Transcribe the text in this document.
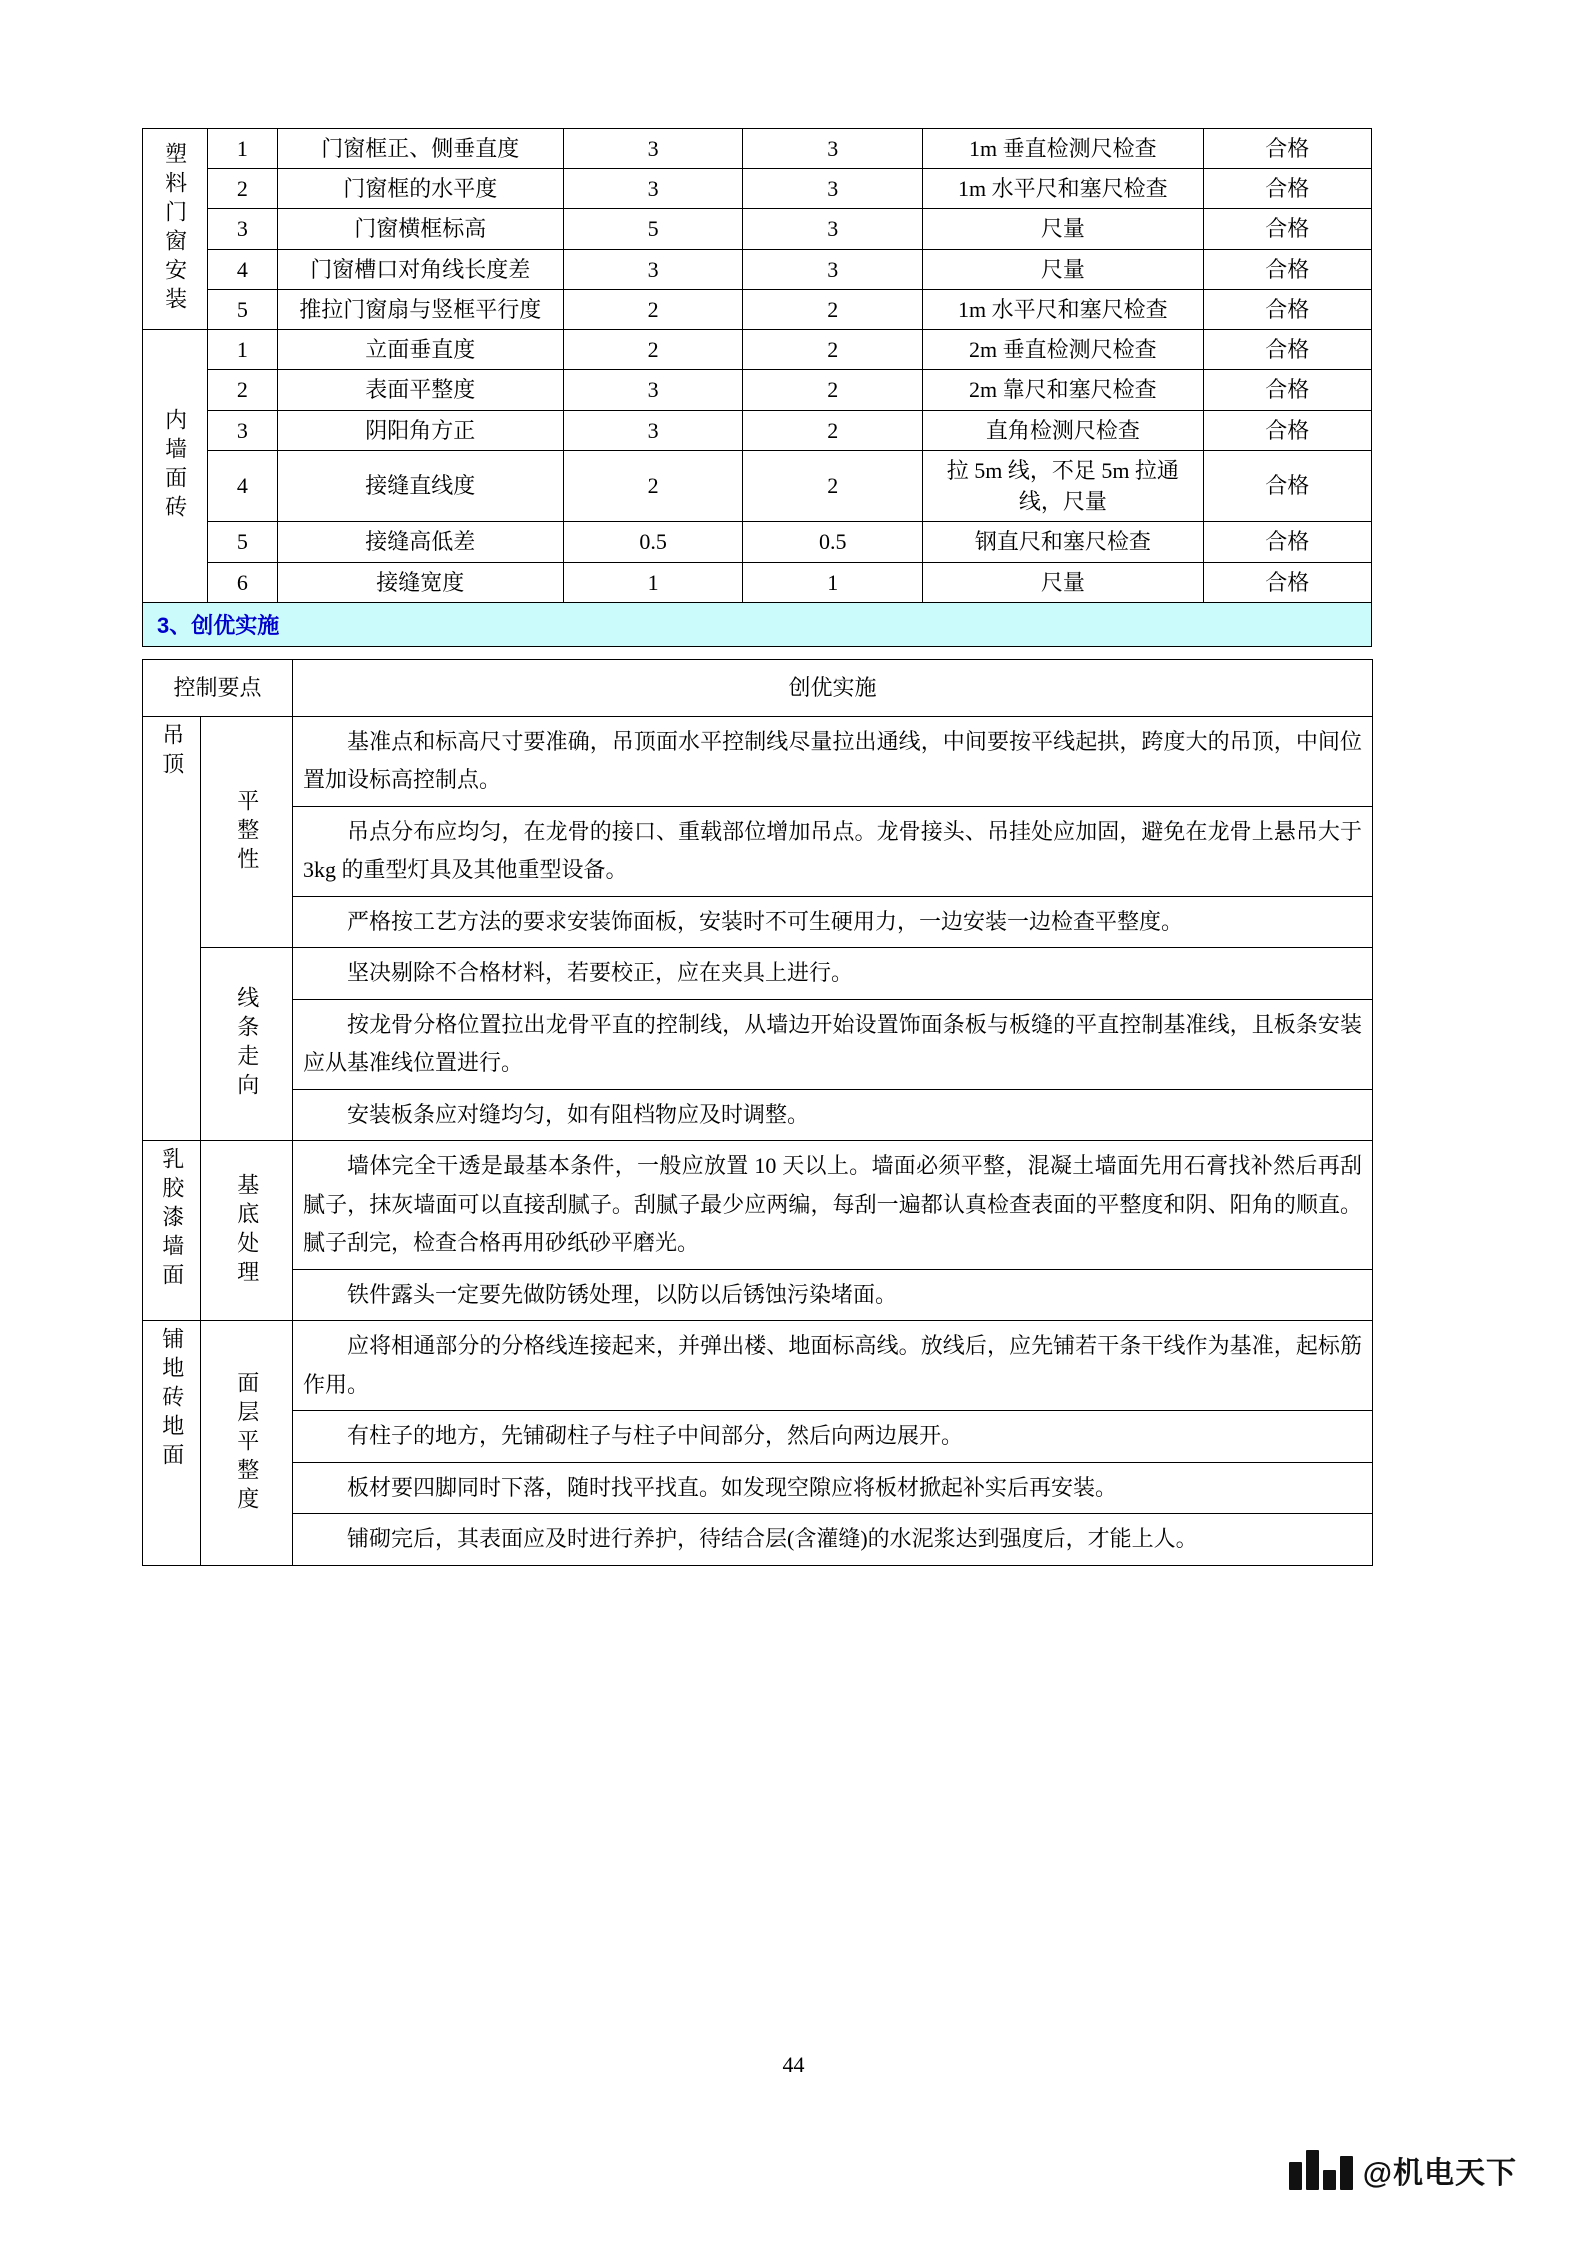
塑料门窗安装	1	门窗框正、侧垂直度	3	3	1m 垂直检测尺检查	合格
	2	门窗框的水平度	3	3	1m 水平尺和塞尺检查	合格
	3	门窗横框标高	5	3	尺量	合格
	4	门窗槽口对角线长度差	3	3	尺量	合格
	5	推拉门窗扇与竖框平行度	2	2	1m 水平尺和塞尺检查	合格
内墙面砖	1	立面垂直度	2	2	2m 垂直检测尺检查	合格
	2	表面平整度	3	2	2m 靠尺和塞尺检查	合格
	3	阴阳角方正	3	2	直角检测尺检查	合格
	4	接缝直线度	2	2	拉 5m 线，不足 5m 拉通线，尺量	合格
	5	接缝高低差	0.5	0.5	钢直尺和塞尺检查	合格
	6	接缝宽度	1	1	尺量	合格
3、创优实施
控制要点		创优实施
吊顶	平整性	基准点和标高尺寸要准确，吊顶面水平控制线尽量拉出通线，中间要按平线起拱，跨度大的吊顶，中间位置加设标高控制点。
		吊点分布应均匀，在龙骨的接口、重载部位增加吊点。龙骨接头、吊挂处应加固，避免在龙骨上悬吊大于 3kg 的重型灯具及其他重型设备。
		严格按工艺方法的要求安装饰面板，安装时不可生硬用力，一边安装一边检查平整度。
	线条走向	坚决剔除不合格材料，若要校正，应在夹具上进行。
		按龙骨分格位置拉出龙骨平直的控制线，从墙边开始设置饰面条板与板缝的平直控制基准线，且板条安装应从基准线位置进行。
		安装板条应对缝均匀，如有阻档物应及时调整。
乳胶漆墙面	基底处理	墙体完全干透是最基本条件，一般应放置 10 天以上。墙面必须平整，混凝土墙面先用石膏找补然后再刮腻子，抹灰墙面可以直接刮腻子。刮腻子最少应两编，每刮一遍都认真检查表面的平整度和阴、阳角的顺直。腻子刮完，检查合格再用砂纸砂平磨光。
		铁件露头一定要先做防锈处理，以防以后锈蚀污染堵面。
铺地砖地面	面层平整度	应将相通部分的分格线连接起来，并弹出楼、地面标高线。放线后，应先铺若干条干线作为基准，起标筋作用。
		有柱子的地方，先铺砌柱子与柱子中间部分，然后向两边展开。
		板材要四脚同时下落，随时找平找直。如发现空隙应将板材掀起补实后再安装。
		铺砌完后，其表面应及时进行养护，待结合层(含灌缝)的水泥浆达到强度后，才能上人。
44
@机电天下
